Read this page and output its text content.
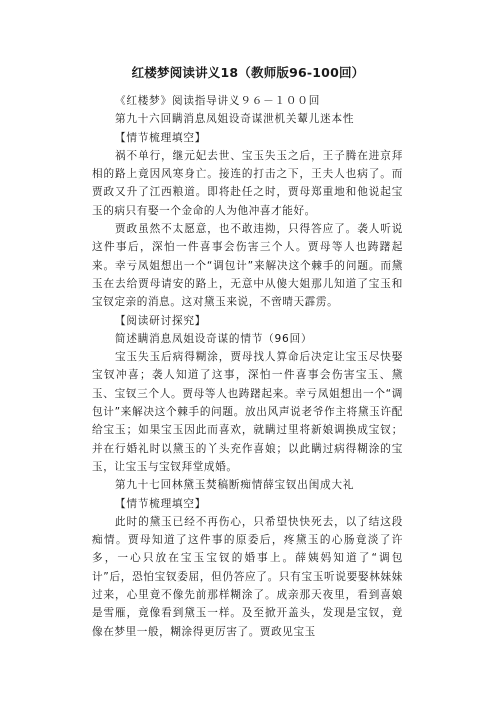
红楼梦阅读讲义18（教师版96-100回）

《红楼梦》阅读指导讲义９６－１００回

第九十六回瞒消息凤姐设奇谋泄机关颦儿迷本性

【情节梳理填空】

祸不单行，继元妃去世、宝玉失玉之后，王子腾在进京拜相的路上竟因风寒身亡。接连的打击之下，王夫人也病了。而贾政又升了江西粮道。即将赴任之时，贾母郑重地和他说起宝玉的病只有娶一个金命的人为他冲喜才能好。

贾政虽然不太愿意，也不敢违拗，只得答应了。袭人听说这件事后，深怕一件喜事会伤害三个人。贾母等人也踌躇起来。幸亏凤姐想出一个“调包计”来解决这个棘手的问题。而黛玉在去给贾母请安的路上，无意中从傻大姐那儿知道了宝玉和宝钗定亲的消息。这对黛玉来说，不啻晴天霹雳。

【阅读研讨探究】

简述瞒消息凤姐设奇谋的情节（96回）

宝玉失玉后病得糊涂，贾母找人算命后决定让宝玉尽快娶宝钗冲喜；袭人知道了这事，深怕一件喜事会伤害宝玉、黛玉、宝钗三个人。贾母等人也踌躇起来。幸亏凤姐想出一个“调包计”来解决这个棘手的问题。放出风声说老爷作主将黛玉许配给宝玉；如果宝玉因此而喜欢，就瞒过里将新娘调换成宝钗；并在行婚礼时以黛玉的丫头充作喜娘；以此瞒过病得糊涂的宝玉，让宝玉与宝钗拜堂成婚。

第九十七回林黛玉焚稿断痴情薛宝钗出闺成大礼

【情节梳理填空】

此时的黛玉已经不再伤心，只希望快快死去，以了结这段痴情。贾母知道了这件事的原委后，疼黛玉的心肠竟淡了许多，一心只放在宝玉宝钗的婚事上。薛姨妈知道了“调包计”后，恐怕宝钗委屈，但仍答应了。只有宝玉听说要娶林妹妹过来，心里竟不像先前那样糊涂了。成亲那天夜里，看到喜娘是雪雁，竟像看到黛玉一样。及至掀开盖头，发现是宝钗，竟像在梦里一般，糊涂得更厉害了。贾政见宝玉
